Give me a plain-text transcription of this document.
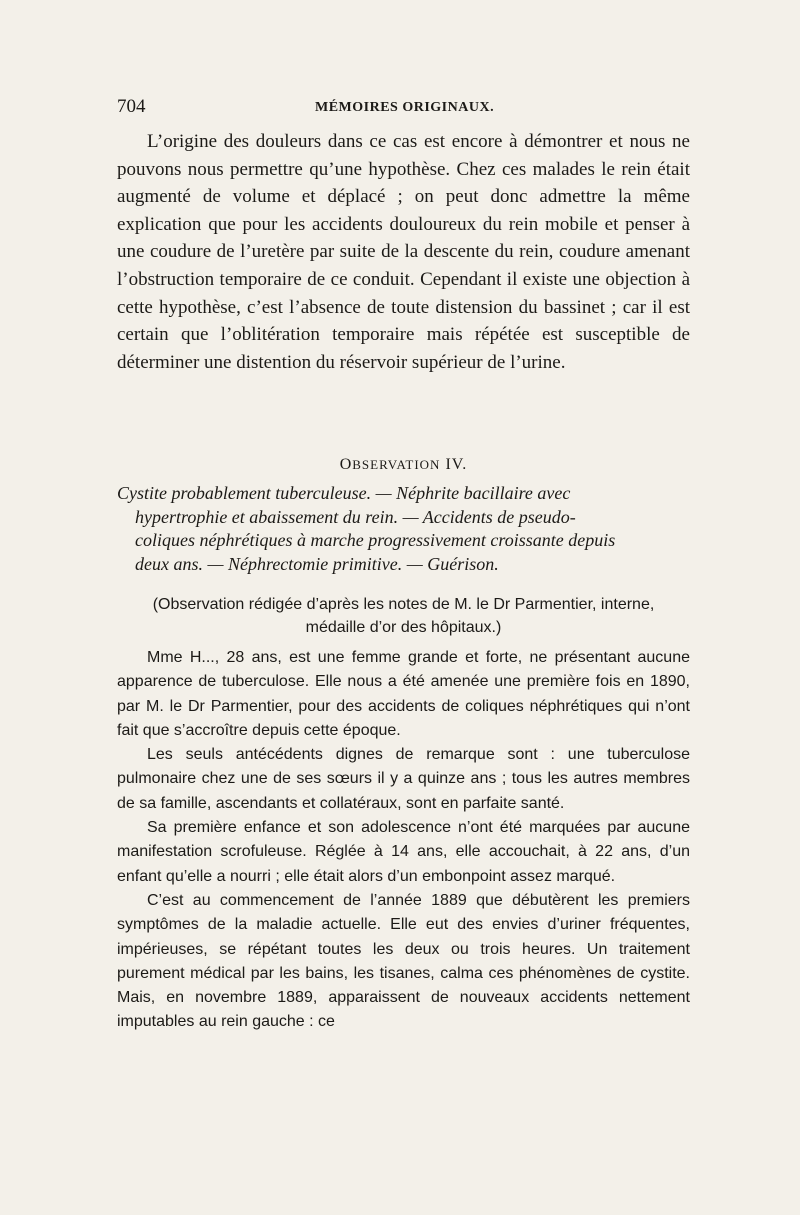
704	MÉMOIRES ORIGINAUX.

L’origine des douleurs dans ce cas est encore à démontrer et nous ne pouvons nous permettre qu’une hypothèse. Chez ces malades le rein était augmenté de volume et déplacé ; on peut donc admettre la même explication que pour les accidents douloureux du rein mobile et penser à une coudure de l’uretère par suite de la descente du rein, coudure amenant l’obstruction temporaire de ce conduit. Cependant il existe une objection à cette hypothèse, c’est l’absence de toute distension du bassinet ; car il est certain que l’oblitération temporaire mais répétée est susceptible de déterminer une distention du réservoir supérieur de l’urine.

OBSERVATION IV.
Cystite probablement tuberculeuse. — Néphrite bacillaire avec
hypertrophie et abaissement du rein. — Accidents de pseudo-
coliques néphrétiques à marche progressivement croissante depuis
deux ans. — Néphrectomie primitive. — Guérison.
(Observation rédigée d’après les notes de M. le Dr Parmentier, interne,
médaille d’or des hôpitaux.)

Mme H..., 28 ans, est une femme grande et forte, ne présentant aucune apparence de tuberculose. Elle nous a été amenée une première fois en 1890, par M. le Dr Parmentier, pour des accidents de coliques néphrétiques qui n’ont fait que s’accroître depuis cette époque.

Les seuls antécédents dignes de remarque sont : une tuberculose pulmonaire chez une de ses sœurs il y a quinze ans ; tous les autres membres de sa famille, ascendants et collatéraux, sont en parfaite santé.

Sa première enfance et son adolescence n’ont été marquées par aucune manifestation scrofuleuse. Réglée à 14 ans, elle accouchait, à 22 ans, d’un enfant qu’elle a nourri ; elle était alors d’un embonpoint assez marqué.

C’est au commencement de l’année 1889 que débutèrent les premiers symptômes de la maladie actuelle. Elle eut des envies d’uriner fréquentes, impérieuses, se répétant toutes les deux ou trois heures. Un traitement purement médical par les bains, les tisanes, calma ces phénomènes de cystite. Mais, en novembre 1889, apparaissent de nouveaux accidents nettement imputables au rein gauche : ce
